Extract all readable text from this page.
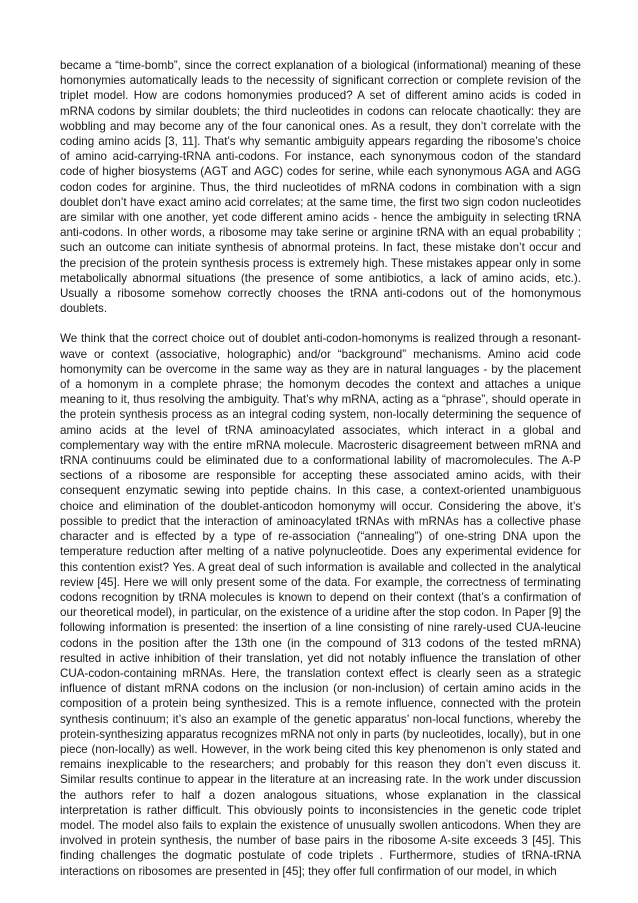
became a “time-bomb”, since the correct explanation of a biological (informational) meaning of these homonymies automatically leads to the necessity of significant correction or complete revision of the triplet model. How are codons homonymies produced? A set of different amino acids is coded in mRNA codons by similar doublets; the third nucleotides in codons can relocate chaotically: they are wobbling and may become any of the four canonical ones. As a result, they don’t correlate with the coding amino acids [3, 11]. That’s why semantic ambiguity appears regarding the ribosome’s choice of amino acid-carrying-tRNA anti-codons. For instance, each synonymous codon of the standard code of higher biosystems (AGT and AGC) codes for serine, while each synonymous AGA and AGG codon codes for arginine. Thus, the third nucleotides of mRNA codons in combination with a sign doublet don’t have exact amino acid correlates; at the same time, the first two sign codon nucleotides are similar with one another, yet code different amino acids - hence the ambiguity in selecting tRNA anti-codons. In other words, a ribosome may take serine or arginine tRNA with an equal probability ; such an outcome can initiate synthesis of abnormal proteins. In fact, these mistake don’t occur and the precision of the protein synthesis process is extremely high. These mistakes appear only in some metabolically abnormal situations (the presence of some antibiotics, a lack of amino acids, etc.). Usually a ribosome somehow correctly chooses the tRNA anti-codons out of the homonymous doublets.

We think that the correct choice out of doublet anti-codon-homonyms is realized through a resonant-wave or context (associative, holographic) and/or “background” mechanisms. Amino acid code homonymity can be overcome in the same way as they are in natural languages - by the placement of a homonym in a complete phrase; the homonym decodes the context and attaches a unique meaning to it, thus resolving the ambiguity. That’s why mRNA, acting as a “phrase”, should operate in the protein synthesis process as an integral coding system, non-locally determining the sequence of amino acids at the level of tRNA aminoacylated associates, which interact in a global and complementary way with the entire mRNA molecule. Macrosteric disagreement between mRNA and tRNA continuums could be eliminated due to a conformational lability of macromolecules. The A-P sections of a ribosome are responsible for accepting these associated amino acids, with their consequent enzymatic sewing into peptide chains. In this case, a context-oriented unambiguous choice and elimination of the doublet-anticodon homonymy will occur. Considering the above, it’s possible to predict that the interaction of aminoacylated tRNAs with mRNAs has a collective phase character and is effected by a type of re-association (“annealing”) of one-string DNA upon the temperature reduction after melting of a native polynucleotide. Does any experimental evidence for this contention exist? Yes. A great deal of such information is available and collected in the analytical review [45]. Here we will only present some of the data. For example, the correctness of terminating codons recognition by tRNA molecules is known to depend on their context (that’s a confirmation of our theoretical model), in particular, on the existence of a uridine after the stop codon. In Paper [9] the following information is presented: the insertion of a line consisting of nine rarely-used CUA-leucine codons in the position after the 13th one (in the compound of 313 codons of the tested mRNA) resulted in active inhibition of their translation, yet did not notably influence the translation of other CUA-codon-containing mRNAs. Here, the translation context effect is clearly seen as a strategic influence of distant mRNA codons on the inclusion (or non-inclusion) of certain amino acids in the composition of a protein being synthesized. This is a remote influence, connected with the protein synthesis continuum; it’s also an example of the genetic apparatus’ non-local functions, whereby the protein-synthesizing apparatus recognizes mRNA not only in parts (by nucleotides, locally), but in one piece (non-locally) as well. However, in the work being cited this key phenomenon is only stated and remains inexplicable to the researchers; and probably for this reason they don’t even discuss it. Similar results continue to appear in the literature at an increasing rate. In the work under discussion the authors refer to half a dozen analogous situations, whose explanation in the classical interpretation is rather difficult. This obviously points to inconsistencies in the genetic code triplet model. The model also fails to explain the existence of unusually swollen anticodons. When they are involved in protein synthesis, the number of base pairs in the ribosome A-site exceeds 3 [45]. This finding challenges the dogmatic postulate of code triplets . Furthermore, studies of tRNA-tRNA interactions on ribosomes are presented in [45]; they offer full confirmation of our model, in which
